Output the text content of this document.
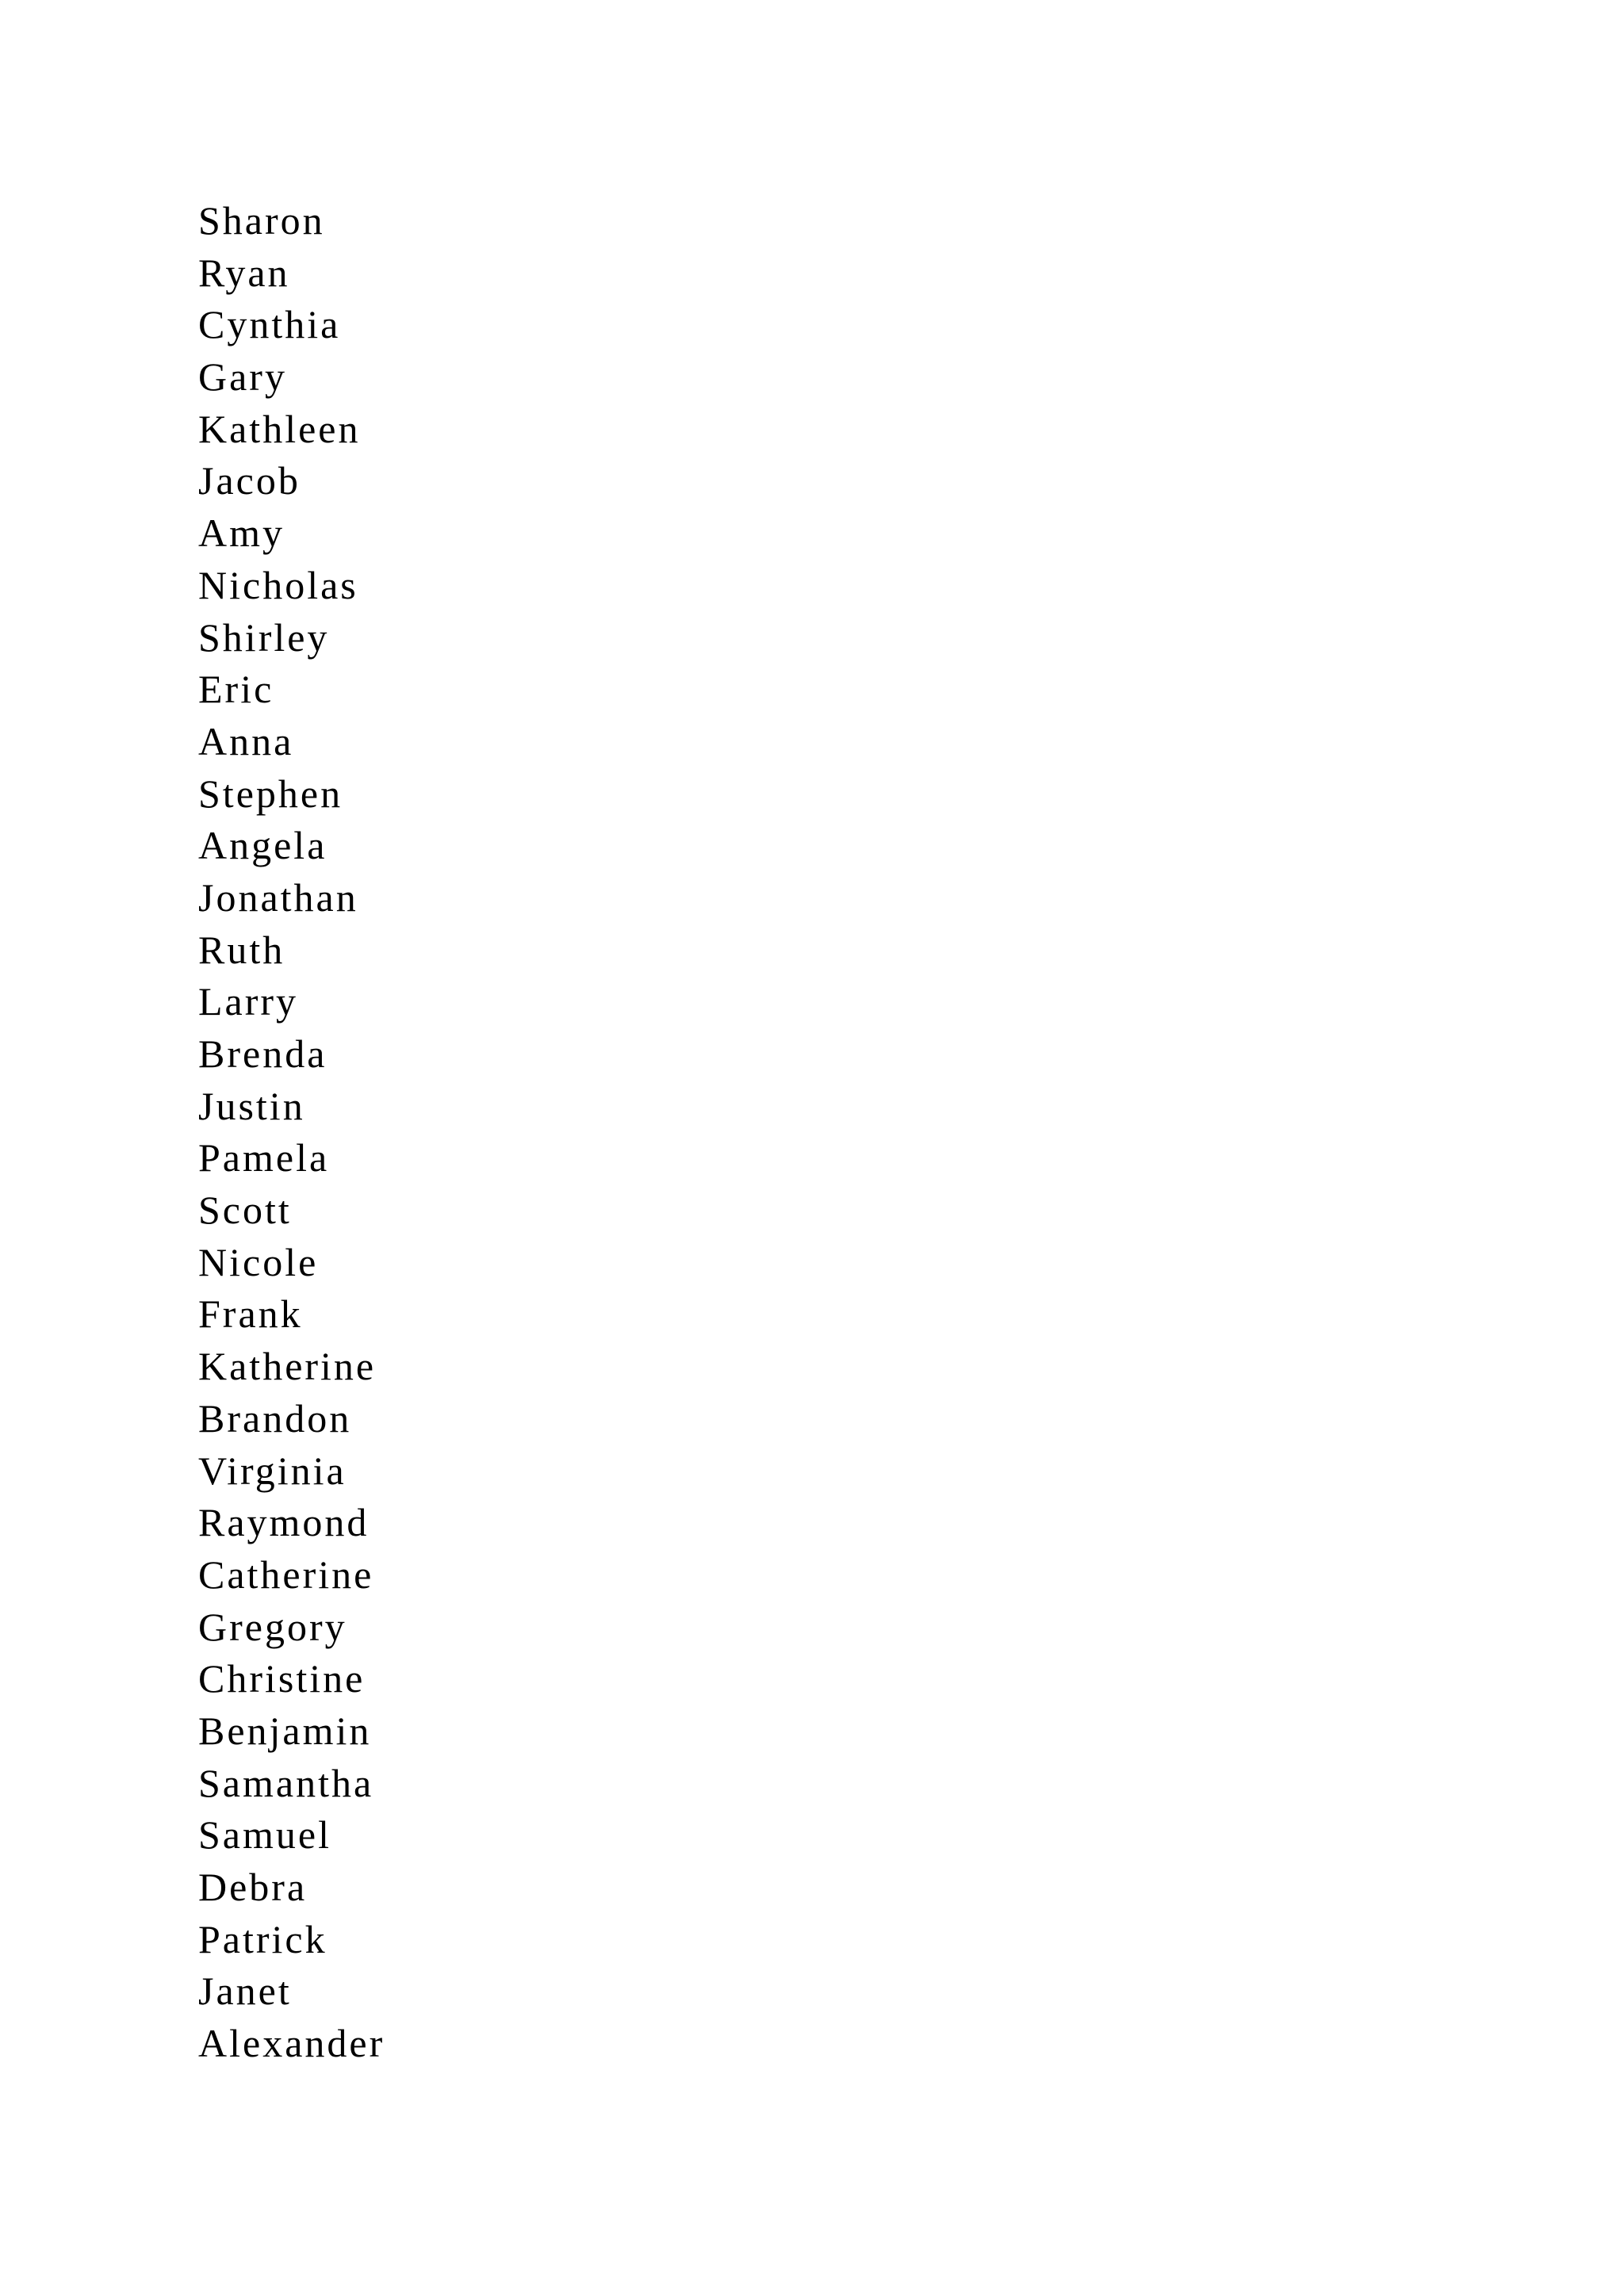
Sharon
Ryan
Cynthia
Gary
Kathleen
Jacob
Amy
Nicholas
Shirley
Eric
Anna
Stephen
Angela
Jonathan
Ruth
Larry
Brenda
Justin
Pamela
Scott
Nicole
Frank
Katherine
Brandon
Virginia
Raymond
Catherine
Gregory
Christine
Benjamin
Samantha
Samuel
Debra
Patrick
Janet
Alexander
